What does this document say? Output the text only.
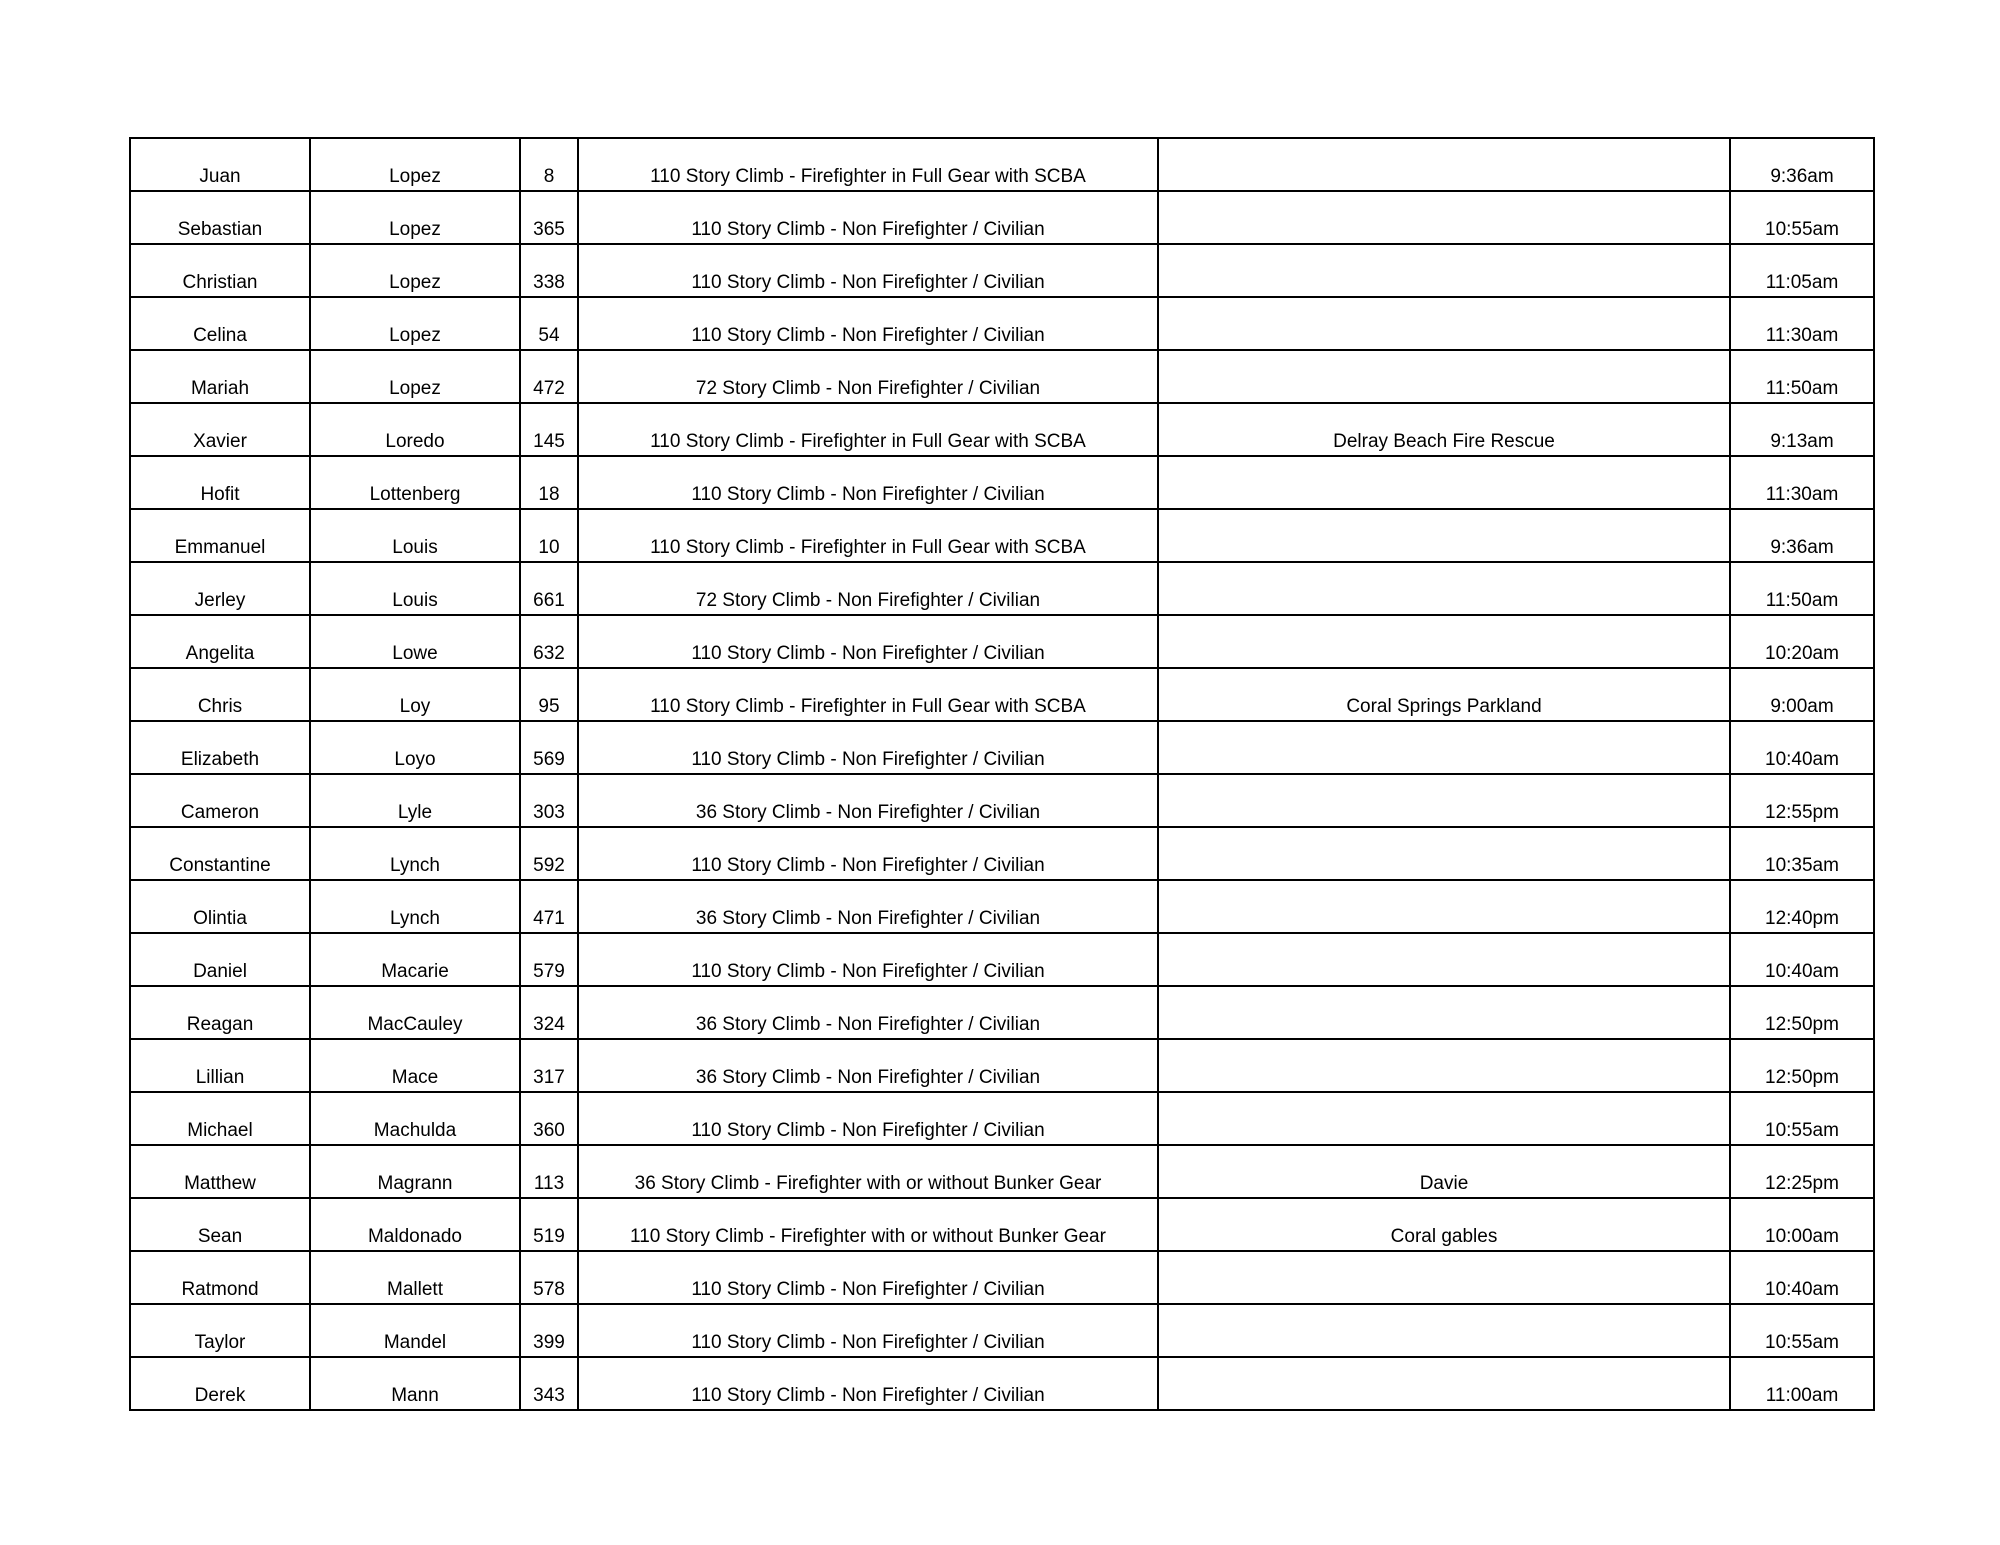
Juan	Lopez	8	110 Story Climb - Firefighter in Full Gear with SCBA		9:36am
Sebastian	Lopez	365	110 Story Climb - Non Firefighter / Civilian		10:55am
Christian	Lopez	338	110 Story Climb - Non Firefighter / Civilian		11:05am
Celina	Lopez	54	110 Story Climb - Non Firefighter / Civilian		11:30am
Mariah	Lopez	472	72 Story Climb - Non Firefighter / Civilian		11:50am
Xavier	Loredo	145	110 Story Climb - Firefighter in Full Gear with SCBA	Delray Beach Fire Rescue	9:13am
Hofit	Lottenberg	18	110 Story Climb - Non Firefighter / Civilian		11:30am
Emmanuel	Louis	10	110 Story Climb - Firefighter in Full Gear with SCBA		9:36am
Jerley	Louis	661	72 Story Climb - Non Firefighter / Civilian		11:50am
Angelita	Lowe	632	110 Story Climb - Non Firefighter / Civilian		10:20am
Chris	Loy	95	110 Story Climb - Firefighter in Full Gear with SCBA	Coral Springs Parkland	9:00am
Elizabeth	Loyo	569	110 Story Climb - Non Firefighter / Civilian		10:40am
Cameron	Lyle	303	36 Story Climb - Non Firefighter / Civilian		12:55pm
Constantine	Lynch	592	110 Story Climb - Non Firefighter / Civilian		10:35am
Olintia	Lynch	471	36 Story Climb - Non Firefighter / Civilian		12:40pm
Daniel	Macarie	579	110 Story Climb - Non Firefighter / Civilian		10:40am
Reagan	MacCauley	324	36 Story Climb - Non Firefighter / Civilian		12:50pm
Lillian	Mace	317	36 Story Climb - Non Firefighter / Civilian		12:50pm
Michael	Machulda	360	110 Story Climb - Non Firefighter / Civilian		10:55am
Matthew	Magrann	113	36 Story Climb - Firefighter with or without Bunker Gear	Davie	12:25pm
Sean	Maldonado	519	110 Story Climb - Firefighter with or without Bunker Gear	Coral gables	10:00am
Ratmond	Mallett	578	110 Story Climb - Non Firefighter / Civilian		10:40am
Taylor	Mandel	399	110 Story Climb - Non Firefighter / Civilian		10:55am
Derek	Mann	343	110 Story Climb - Non Firefighter / Civilian		11:00am
